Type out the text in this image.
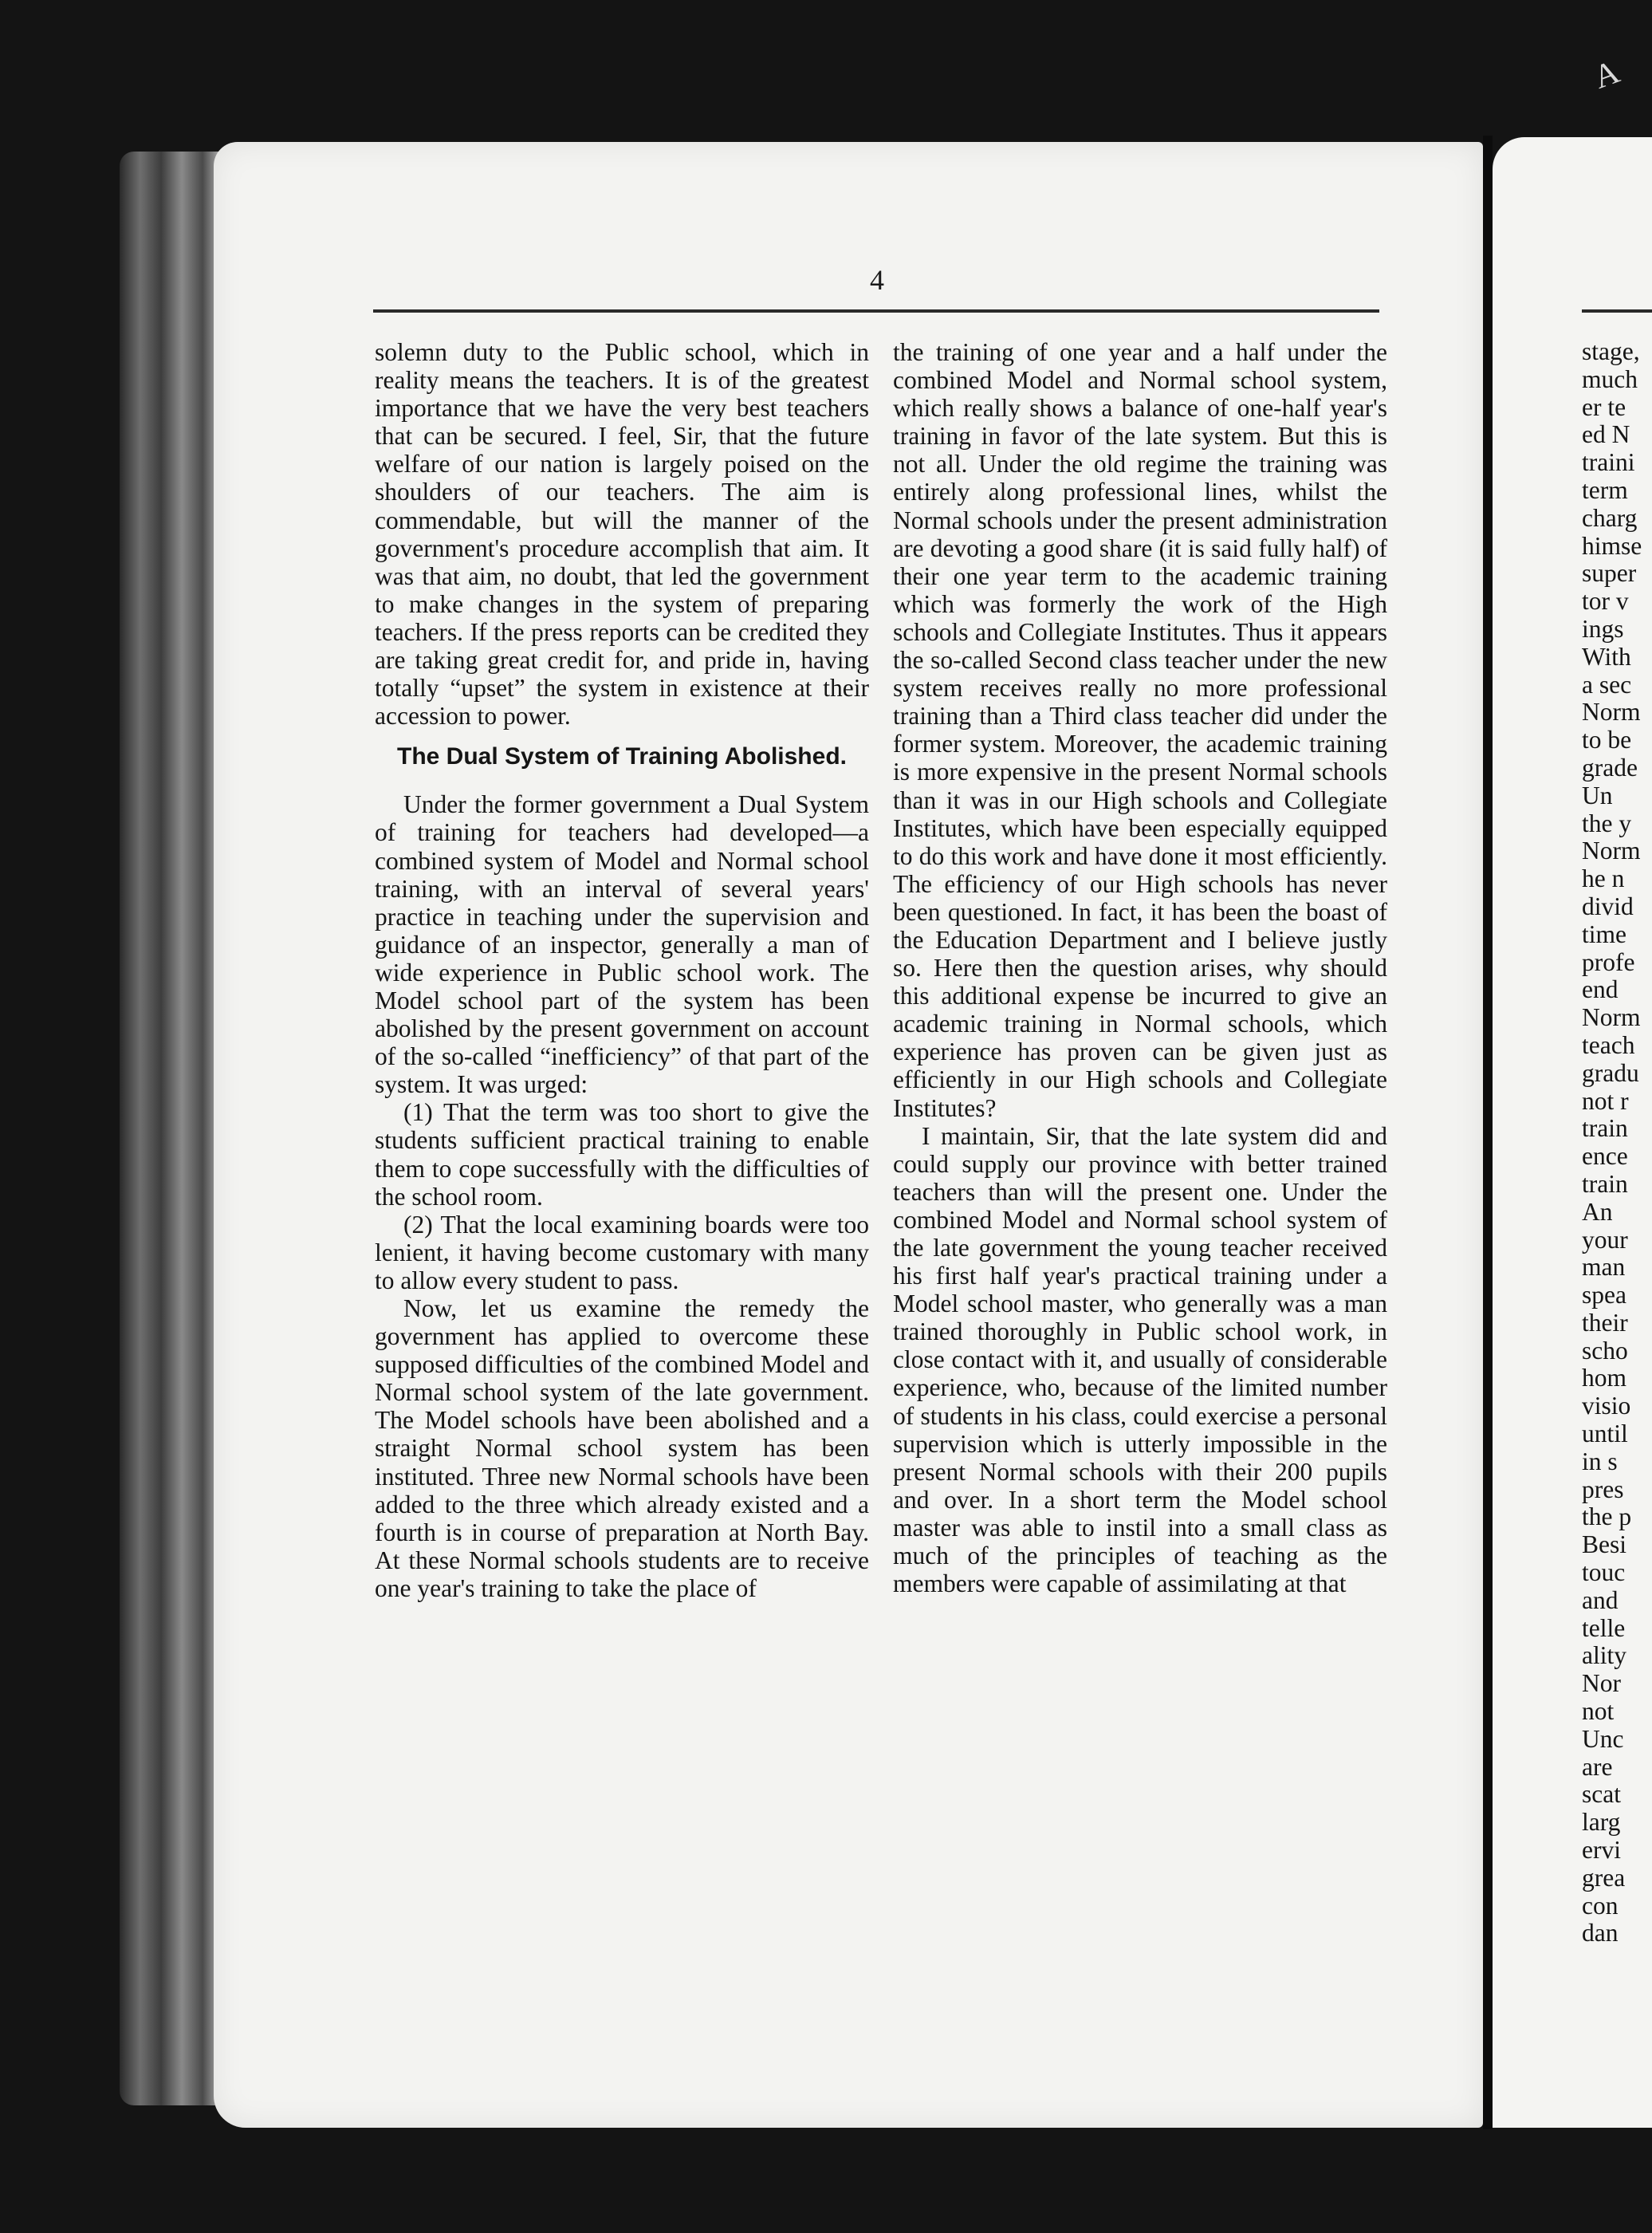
stage,
much
er te
ed N
traini
term
charg
himse
super
tor v
ings
With
a sec
Norm
to be
grade
Un
the y
Norm
he n
divid
time
profe
end
Norm
teach
gradu
not r
train
ence
train
An
your
man
spea
their
scho
hom
visio
until
in s
pres
the p
Besi
touc
and
telle
ality
Nor
not
Unc
are
scat
larg
ervi
grea
con
dan
A
4

solemn duty to the Public school, which in reality means the teachers. It is of the greatest importance that we have the very best teachers that can be secured. I feel, Sir, that the future welfare of our nation is largely poised on the shoulders of our teachers. The aim is commendable, but will the manner of the government's procedure accomplish that aim. It was that aim, no doubt, that led the government to make changes in the system of preparing teachers. If the press reports can be credited they are taking great credit for, and pride in, having totally “upset” the system in existence at their accession to power.

The Dual System of Training Abolished.

Under the former government a Dual System of training for teachers had developed—a combined system of Model and Normal school training, with an interval of several years' practice in teaching under the supervision and guidance of an inspector, generally a man of wide experience in Public school work. The Model school part of the system has been abolished by the present government on account of the so-called “inefficiency” of that part of the system. It was urged:

(1) That the term was too short to give the students sufficient practical training to enable them to cope successfully with the difficulties of the school room.

(2) That the local examining boards were too lenient, it having become customary with many to allow every student to pass.

Now, let us examine the remedy the government has applied to overcome these supposed difficulties of the combined Model and Normal school system of the late government. The Model schools have been abolished and a straight Normal school system has been instituted. Three new Normal schools have been added to the three which already existed and a fourth is in course of preparation at North Bay. At these Normal schools students are to receive one year's training to take the place of

the training of one year and a half under the combined Model and Normal school system, which really shows a balance of one-half year's training in favor of the late system. But this is not all. Under the old regime the training was entirely along professional lines, whilst the Normal schools under the present administration are devoting a good share (it is said fully half) of their one year term to the academic training which was formerly the work of the High schools and Collegiate Institutes. Thus it appears the so-called Second class teacher under the new system receives really no more professional training than a Third class teacher did under the former system. Moreover, the academic training is more expensive in the present Normal schools than it was in our High schools and Collegiate Institutes, which have been especially equipped to do this work and have done it most efficiently. The efficiency of our High schools has never been questioned. In fact, it has been the boast of the Education Department and I believe justly so. Here then the question arises, why should this additional expense be incurred to give an academic training in Normal schools, which experience has proven can be given just as efficiently in our High schools and Collegiate Institutes?

I maintain, Sir, that the late system did and could supply our province with better trained teachers than will the present one. Under the combined Model and Normal school system of the late government the young teacher received his first half year's practical training under a Model school master, who generally was a man trained thoroughly in Public school work, in close contact with it, and usually of considerable experience, who, because of the limited number of students in his class, could exercise a personal supervision which is utterly impossible in the present Normal schools with their 200 pupils and over. In a short term the Model school master was able to instil into a small class as much of the principles of teaching as the members were capable of assimilating at that
